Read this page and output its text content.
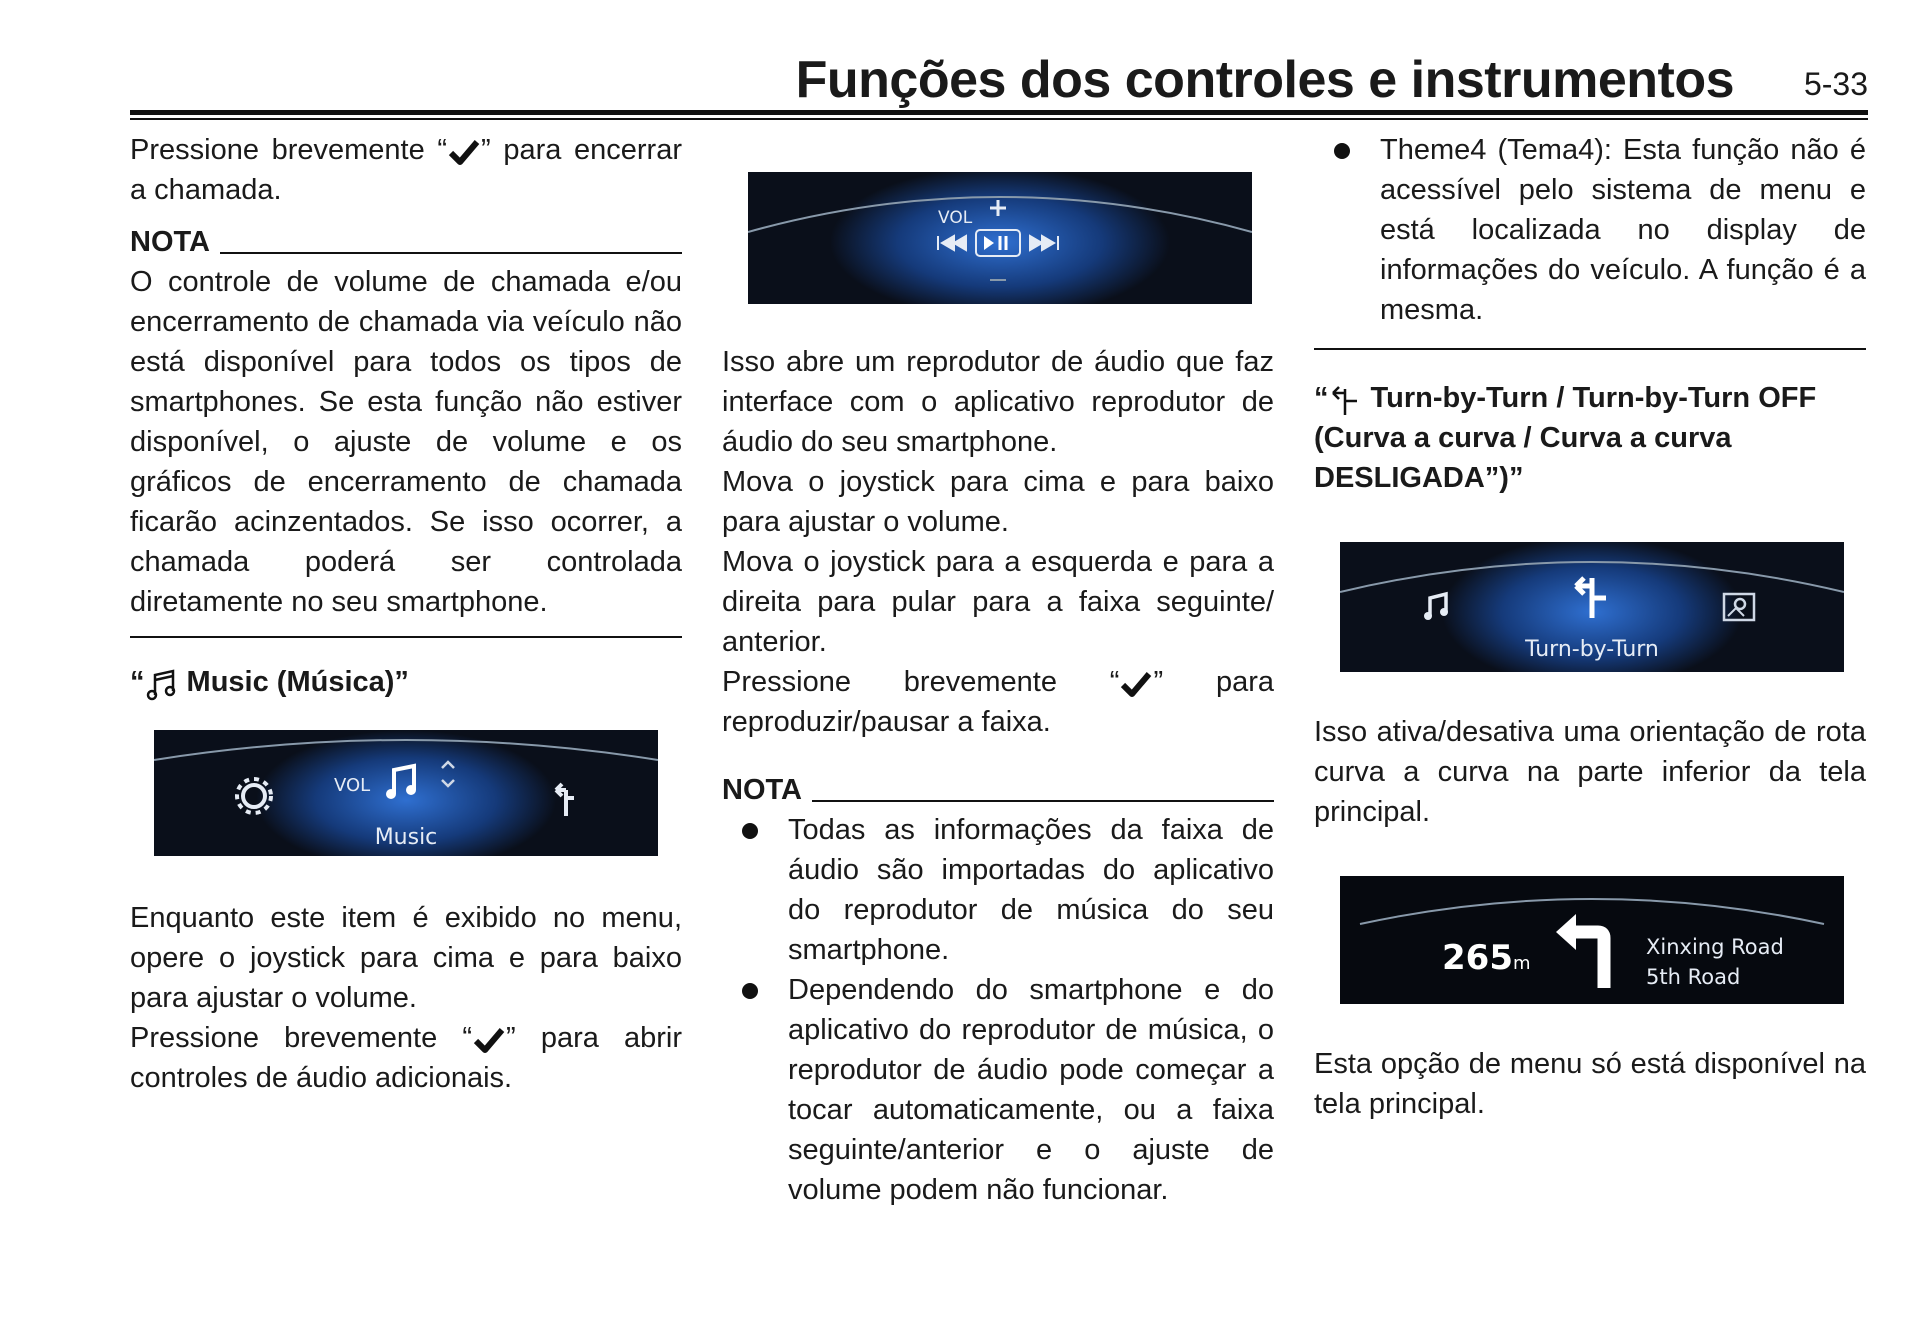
Funções dos controles e instrumentos 5-33

Pressione brevemente “ ” para encerrar a chamada.

NOTA

O controle de volume de chamada e/ou encerramento de chamada via veículo não está disponível para todos os tipos de smartphones. Se esta função não estiver disponível, o ajuste de volume e os gráficos de encerramento de chamada ficarão acinzentados. Se isso ocorrer, a chamada poderá ser controlada diretamente no seu smartphone.

“ Music (Música)”
VOL
Music

Enquanto este item é exibido no menu, opere o joystick para cima e para baixo para ajustar o volume.

Pressione brevemente “ ” para abrir controles de áudio adicionais.

VOL

Isso abre um reprodutor de áudio que faz interface com o aplicativo reprodutor de áudio do seu smartphone.

Mova o joystick para cima e para baixo para ajustar o volume.

Mova o joystick para a esquerda e para a direita para pular para a faixa seguinte/ anterior.

Pressione brevemente “ ” para reproduzir/pausar a faixa.

NOTA
Todas as informações da faixa de áudio são importadas do aplicativo do reprodutor de música do seu smartphone.
Dependendo do smartphone e do aplicativo do reprodutor de música, o reprodutor de áudio pode começar a tocar automaticamente, ou a faixa seguinte/anterior e o ajuste de volume podem não funcionar.
Theme4 (Tema4): Esta função não é acessível pelo sistema de menu e está localizada no display de informações do veículo. A função é a mesma.
“ Turn-by-Turn / Turn-by-Turn OFF (Curva a curva / Curva a curva DESLIGADA”)”
Turn-by-Turn

Isso ativa/desativa uma orientação de rota curva a curva na parte inferior da tela principal.

265m
Xinxing Road
5th Road

Esta opção de menu só está disponível na tela principal.
